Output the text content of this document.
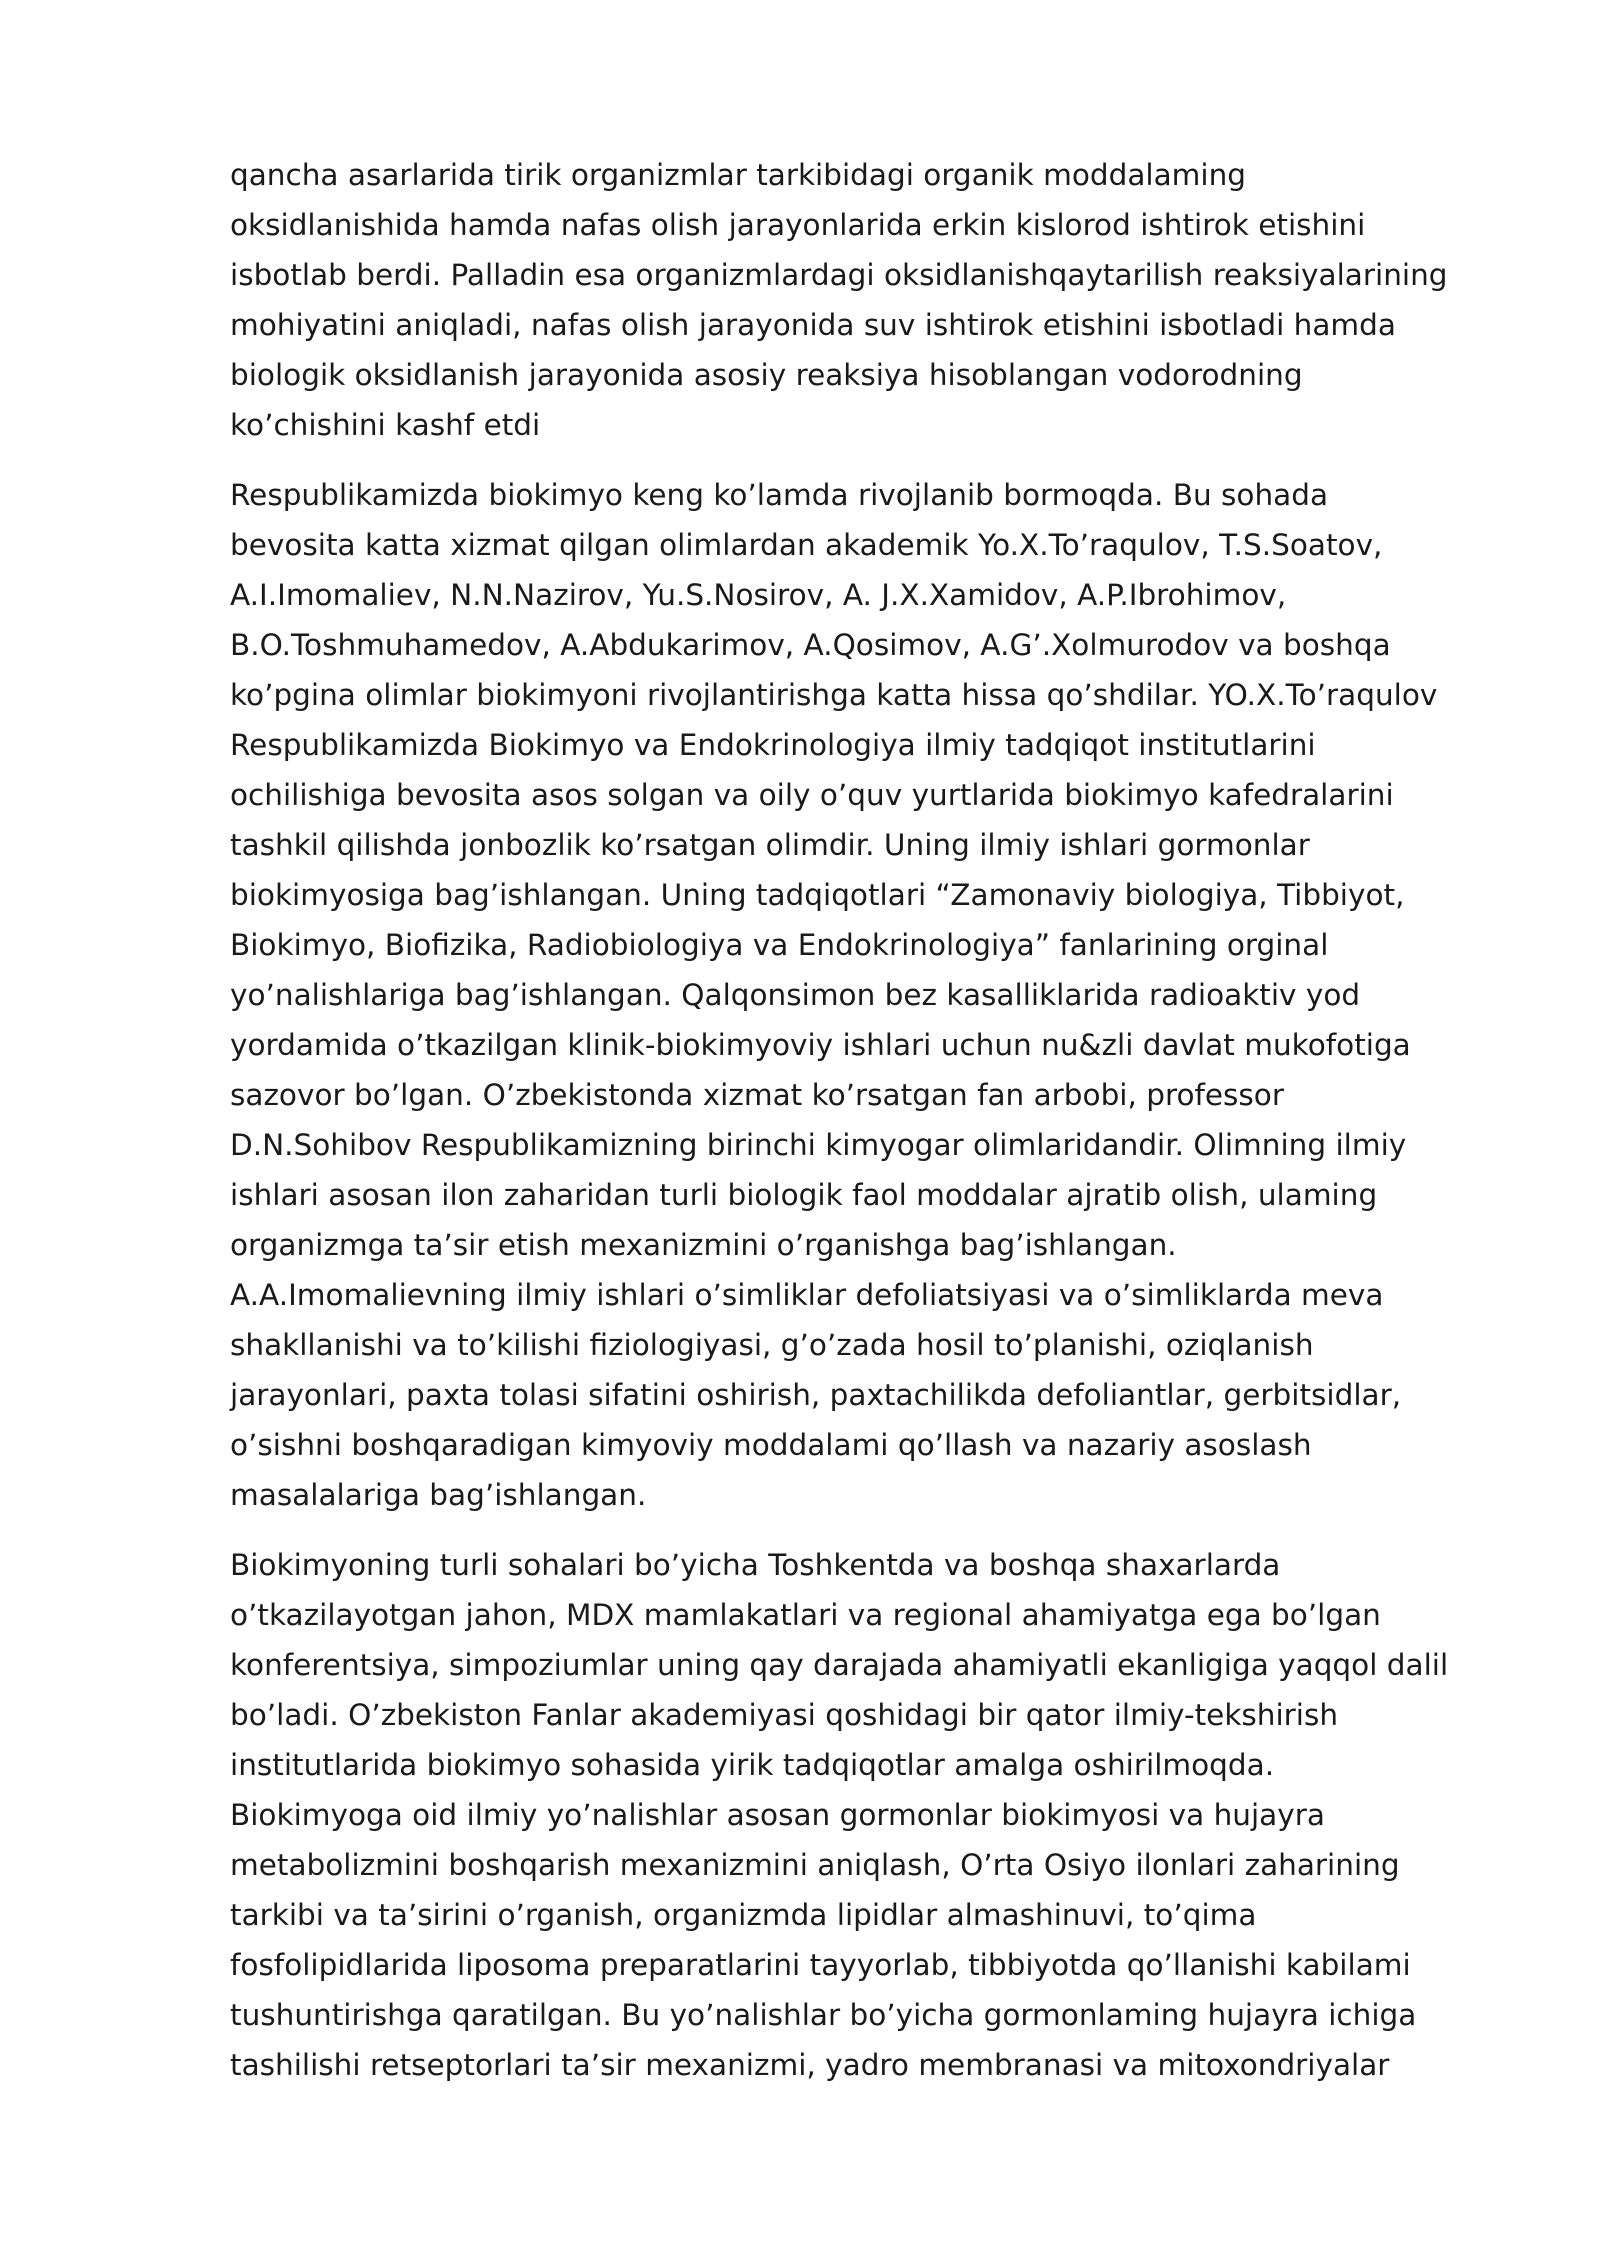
qancha asarlarida tirik organizmlar tarkibidagi organik moddalaming
oksidlanishida hamda nafas olish jarayonlarida erkin kislorod ishtirok etishini
isbotlab berdi. Palladin esa organizmlardagi oksidlanishqaytarilish reaksiyalarining
mohiyatini aniqladi, nafas olish jarayonida suv ishtirok etishini isbotladi hamda
biologik oksidlanish jarayonida asosiy reaksiya hisoblangan vodorodning
ko’chishini kashf etdi
Respublikamizda biokimyo keng ko’lamda rivojlanib bormoqda. Bu sohada
bevosita katta xizmat qilgan olimlardan akademik Yo.X.To’raqulov, T.S.Soatov,
A.I.Imomaliev, N.N.Nazirov, Yu.S.Nosirov, A. J.X.Xamidov, A.P.Ibrohimov,
B.O.Toshmuhamedov, A.Abdukarimov, A.Qosimov, A.G’.Xolmurodov va boshqa
ko’pgina olimlar biokimyoni rivojlantirishga katta hissa qo’shdilar. YO.X.To’raqulov
Respublikamizda Biokimyo va Endokrinologiya ilmiy tadqiqot institutlarini
ochilishiga bevosita asos solgan va oily o’quv yurtlarida biokimyo kafedralarini
tashkil qilishda jonbozlik ko’rsatgan olimdir. Uning ilmiy ishlari gormonlar
biokimyosiga bag’ishlangan. Uning tadqiqotlari “Zamonaviy biologiya, Tibbiyot,
Biokimyo, Biofizika, Radiobiologiya va Endokrinologiya” fanlarining orginal
yo’nalishlariga bag’ishlangan. Qalqonsimon bez kasalliklarida radioaktiv yod
yordamida o’tkazilgan klinik-biokimyoviy ishlari uchun nu&zli davlat mukofotiga
sazovor bo’lgan. O’zbekistonda xizmat ko’rsatgan fan arbobi, professor
D.N.Sohibov Respublikamizning birinchi kimyogar olimlaridandir. Olimning ilmiy
ishlari asosan ilon zaharidan turli biologik faol moddalar ajratib olish, ulaming
organizmga ta’sir etish mexanizmini o’rganishga bag’ishlangan.
A.A.Imomalievning ilmiy ishlari o’simliklar defoliatsiyasi va o’simliklarda meva
shakllanishi va to’kilishi fiziologiyasi, g’o’zada hosil to’planishi, oziqlanish
jarayonlari, paxta tolasi sifatini oshirish, paxtachilikda defoliantlar, gerbitsidlar,
o’sishni boshqaradigan kimyoviy moddalami qo’llash va nazariy asoslash
masalalariga bag’ishlangan.
Biokimyoning turli sohalari bo’yicha Toshkentda va boshqa shaxarlarda
o’tkazilayotgan jahon, MDX mamlakatlari va regional ahamiyatga ega bo’lgan
konferentsiya, simpoziumlar uning qay darajada ahamiyatli ekanligiga yaqqol dalil
bo’ladi. O’zbekiston Fanlar akademiyasi qoshidagi bir qator ilmiy-tekshirish
institutlarida biokimyo sohasida yirik tadqiqotlar amalga oshirilmoqda.
Biokimyoga oid ilmiy yo’nalishlar asosan gormonlar biokimyosi va hujayra
metabolizmini boshqarish mexanizmini aniqlash, O’rta Osiyo ilonlari zaharining
tarkibi va ta’sirini o’rganish, organizmda lipidlar almashinuvi, to’qima
fosfolipidlarida liposoma preparatlarini tayyorlab, tibbiyotda qo’llanishi kabilami
tushuntirishga qaratilgan. Bu yo’nalishlar bo’yicha gormonlaming hujayra ichiga
tashilishi retseptorlari ta’sir mexanizmi, yadro membranasi va mitoxondriyalar
